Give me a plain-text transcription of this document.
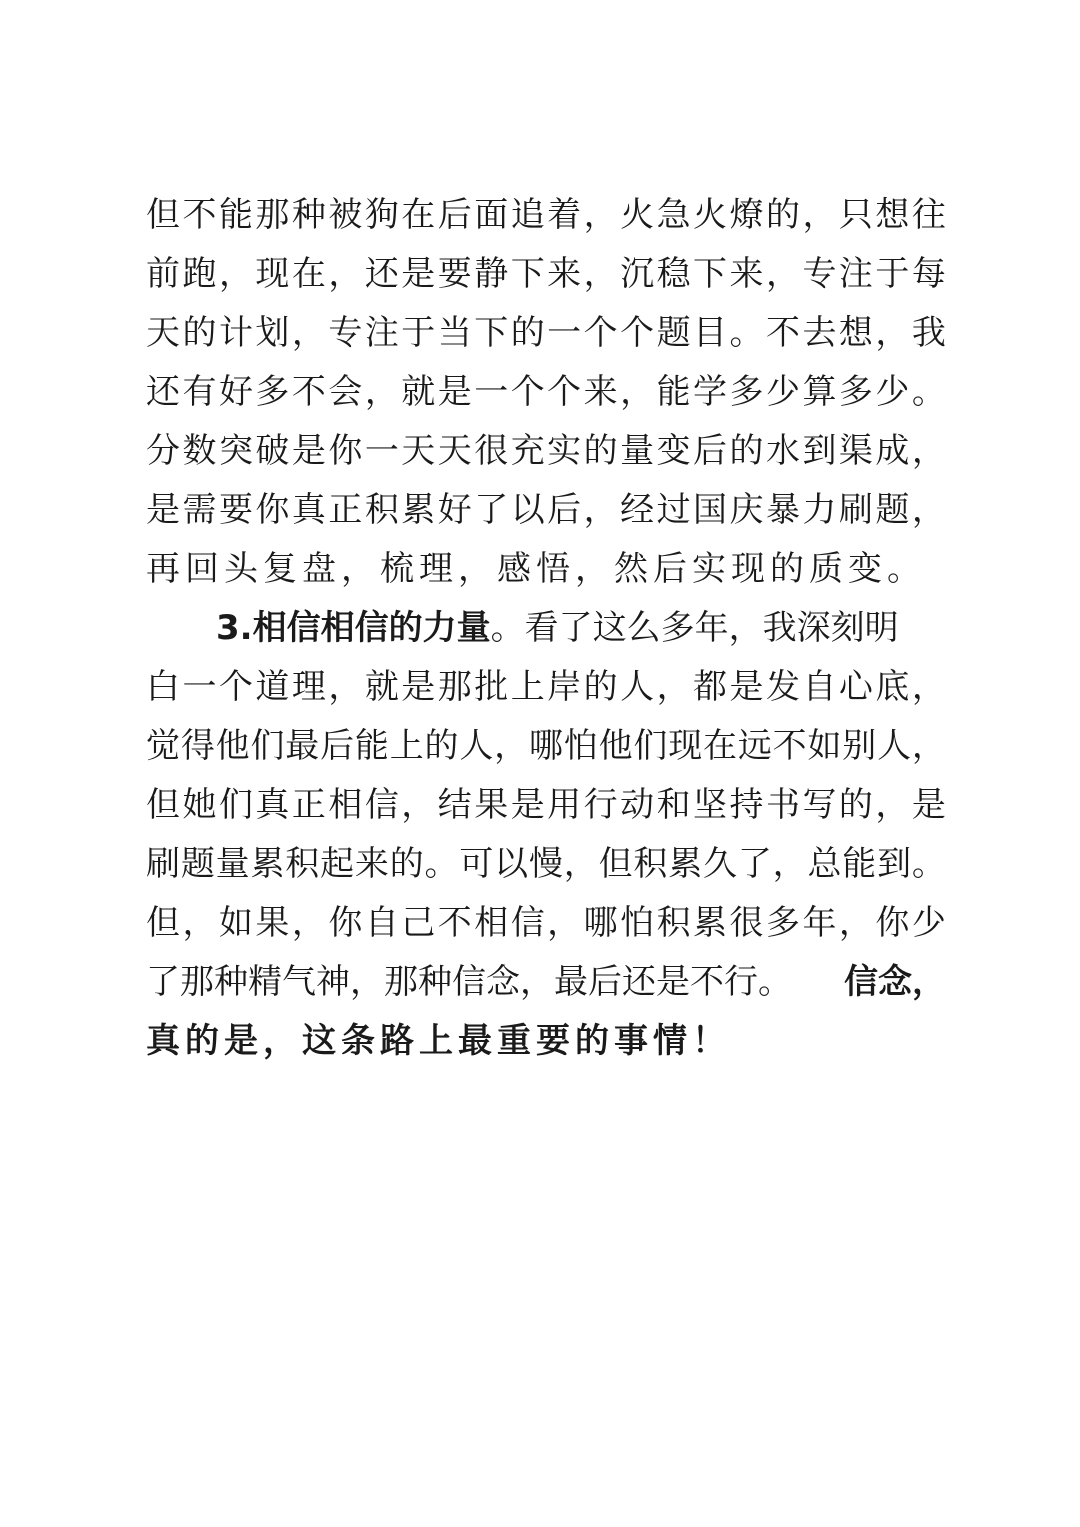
但 不 能 那 种 被 狗 在 后 面 追 着 ， 火 急 火 燎 的 ， 只 想 往
前 跑 ， 现 在 ， 还 是 要 静 下 来 ， 沉 稳 下 来 ， 专 注 于 每
天 的 计 划 ， 专 注 于 当 下 的 一 个 个 题 目 。 不 去 想 ， 我
还 有 好 多 不 会 ， 就 是 一 个 个 来 ， 能 学 多 少 算 多 少 。
分 数 突 破 是 你 一 天 天 很 充 实 的 量 变 后 的 水 到 渠 成 ，
是 需 要 你 真 正 积 累 好 了 以 后 ， 经 过 国 庆 暴 力 刷 题 ，
再回头复盘，梳理，感悟，然后实现的质变。
3.相信相信的力量 。看了这么多年，我深刻明
白 一 个 道 理 ， 就 是 那 批 上 岸 的 人 ， 都 是 发 自 心 底 ，
觉 得 他 们 最 后 能 上 的 人 ， 哪 怕 他 们 现 在 远 不 如 别 人 ，
但 她 们 真 正 相 信 ， 结 果 是 用 行 动 和 坚 持 书 写 的 ， 是
刷 题 量 累 积 起 来 的 。 可 以 慢 ， 但 积 累 久 了 ， 总 能 到 。
但 ， 如 果 ， 你 自 己 不 相 信 ， 哪 怕 积 累 很 多 年 ， 你 少
了那种精气神，那种信念，最后还是不行。 信念，
真的是，这条路上最重要的事情！
